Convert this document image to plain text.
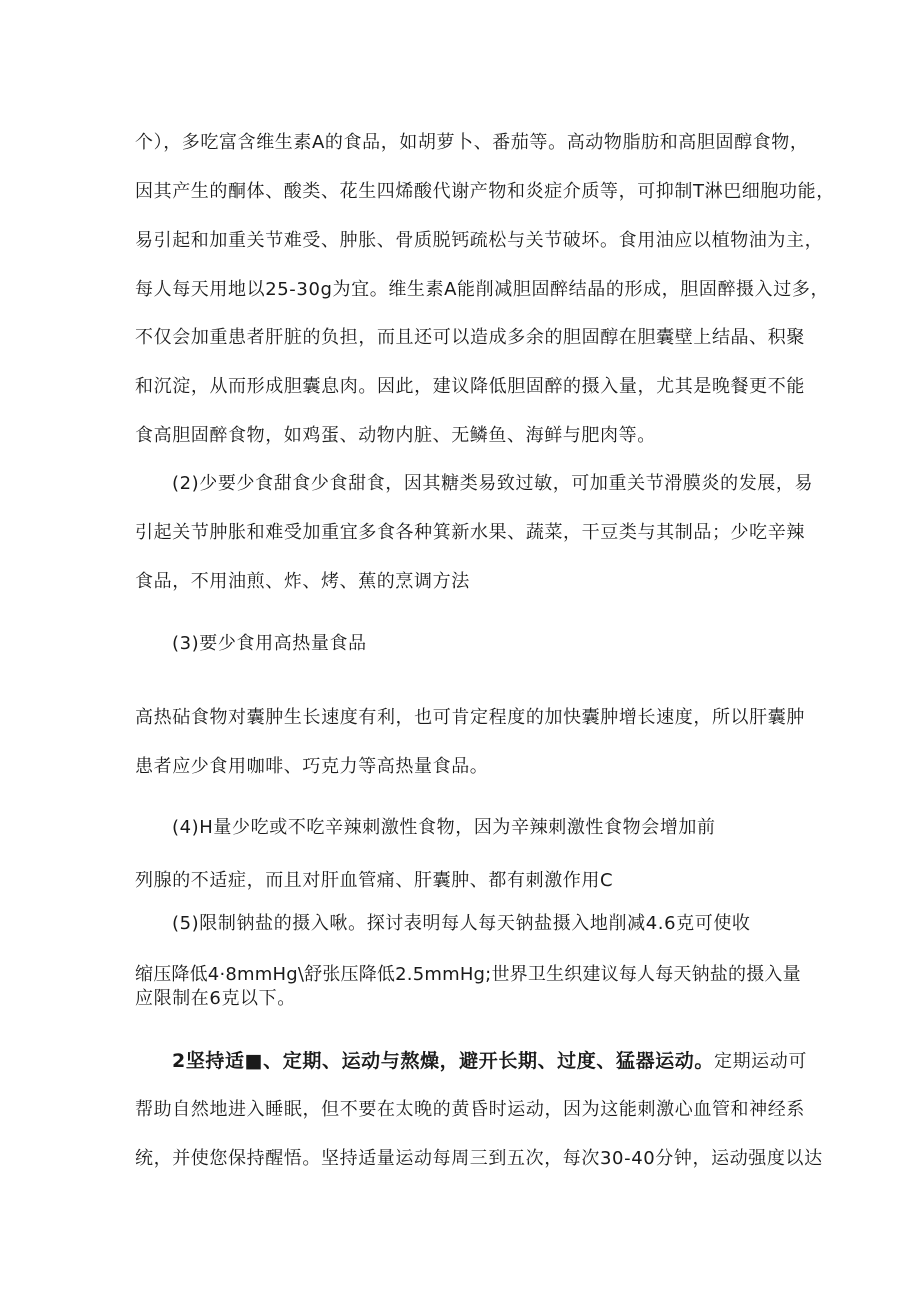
个），多吃富含维生素A的食品，如胡萝卜、番茄等。高动物脂肪和高胆固醇食物，
因其产生的酮体、酸类、花生四烯酸代谢产物和炎症介质等，可抑制T淋巴细胞功能，
易引起和加重关节难受、肿胀、骨质脱钙疏松与关节破坏。食用油应以植物油为主，
每人每天用地以25-30g为宜。维生素A能削减胆固醉结晶的形成，胆固醉摄入过多，
不仅会加重患者肝脏的负担，而且还可以造成多余的胆固醇在胆囊壁上结晶、积聚
和沉淀，从而形成胆囊息肉。因此，建议降低胆固醉的摄入量，尤其是晚餐更不能
食高胆固醉食物，如鸡蛋、动物内脏、无鳞鱼、海鲜与肥肉等。
(2)少要少食甜食少食甜食，因其糖类易致过敏，可加重关节滑膜炎的发展，易
引起关节肿胀和难受加重宜多食各种箕新水果、蔬菜，干豆类与其制品；少吃辛辣
食品，不用油煎、炸、烤、蕉的烹调方法
(3)要少食用高热量食品
高热砧食物对囊肿生长速度有利，也可肯定程度的加快囊肿增长速度，所以肝囊肿
患者应少食用咖啡、巧克力等高热量食品。
(4)H量少吃或不吃辛辣刺激性食物，因为辛辣刺激性食物会增加前
列腺的不适症，而且对肝血管痛、肝囊肿、都有刺激作用C
(5)限制钠盐的摄入啾。探讨表明每人每天钠盐摄入地削减4.6克可使收
缩压降低4·8mmHg\舒张压降低2.5mmHg;世界卫生织建议每人每天钠盐的摄入量
应限制在6克以下。
2坚持适■、定期、运动与熬燥，避开长期、过度、猛器运动。定期运动可
帮助自然地进入睡眠，但不要在太晚的黄昏时运动，因为这能刺激心血管和神经系
统，并使您保持醒悟。坚持适量运动每周三到五次，每次30-40分钟，运动强度以达
